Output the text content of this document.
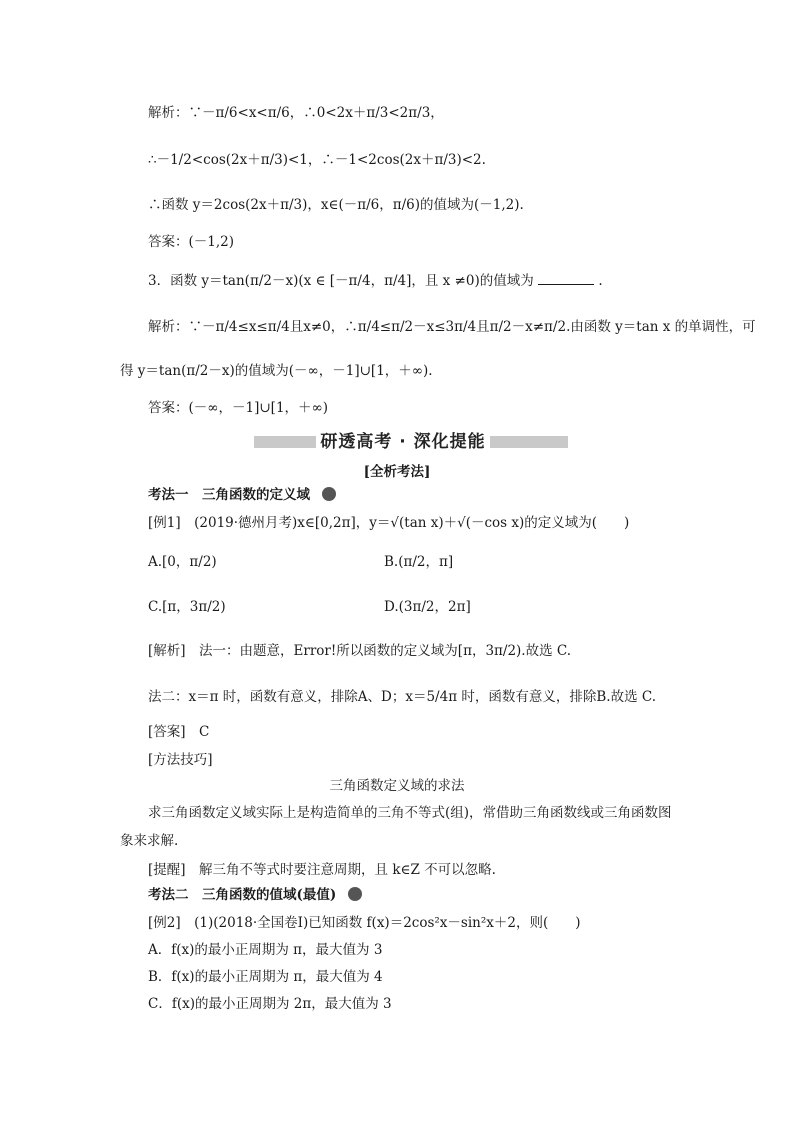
解析：∵－π/6<x<π/6，∴0<2x＋π/3<2π/3，
∴－1/2<cos(2x＋π/3)<1，∴－1<2cos(2x＋π/3)<2.
∴函数 y＝2cos(2x＋π/3)，x∈(－π/6，π/6)的值域为(－1,2).
答案：(－1,2)
3．函数 y＝tan(π/2－x)(x ∈ [－π/4，π/4]，且 x ≠0)的值域为	.
解析：∵－π/4≤x≤π/4且x≠0，∴π/4≤π/2－x≤3π/4且π/2－x≠π/2.由函数 y＝tan x 的单调性，可
得 y＝tan(π/2－x)的值域为(－∞，－1]∪[1，＋∞).
答案：(－∞，－1]∪[1，＋∞)
研透高考 · 深化提能
[全析考法]
考法一　三角函数的定义域
[例1]　(2019·德州月考)x∈[0,2π]，y＝√(tan x)＋√(－cos x)的定义域为(　　)
A.[0，π/2)	B.(π/2，π]
C.[π，3π/2)	D.(3π/2，2π]
[解析]　法一：由题意，Error!所以函数的定义域为[π，3π/2).故选 C.
法二：x＝π 时，函数有意义，排除A、D；x＝5/4π 时，函数有意义，排除B.故选 C.
[答案]　C
[方法技巧]
三角函数定义域的求法
求三角函数定义域实际上是构造简单的三角不等式(组)，常借助三角函数线或三角函数图象来求解.
[提醒]　解三角不等式时要注意周期，且 k∈Z 不可以忽略.
考法二　三角函数的值域(最值)
[例2]　(1)(2018·全国卷Ⅰ)已知函数 f(x)＝2cos²x－sin²x＋2，则(　　)
A．f(x)的最小正周期为 π，最大值为 3
B．f(x)的最小正周期为 π，最大值为 4
C．f(x)的最小正周期为 2π，最大值为 3
